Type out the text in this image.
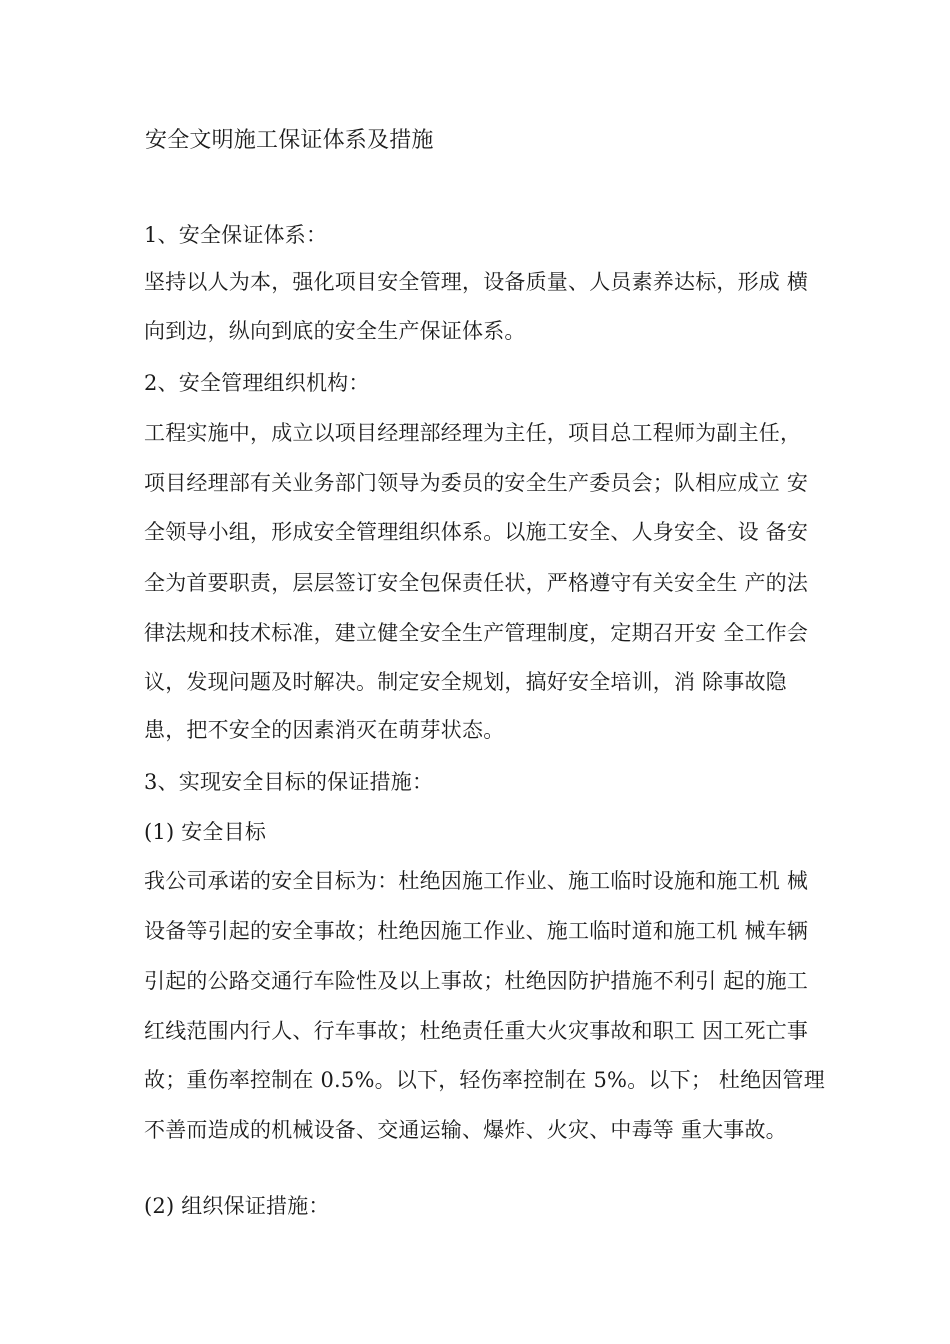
安全文明施工保证体系及措施
1、安全保证体系：
坚持以人为本，强化项目安全管理，设备质量、人员素养达标，形成 横
向到边，纵向到底的安全生产保证体系。
2、安全管理组织机构：
工程实施中，成立以项目经理部经理为主任，项目总工程师为副主任，
项目经理部有关业务部门领导为委员的安全生产委员会；队相应成立 安
全领导小组，形成安全管理组织体系。以施工安全、人身安全、设 备安
全为首要职责，层层签订安全包保责任状，严格遵守有关安全生 产的法
律法规和技术标准，建立健全安全生产管理制度，定期召开安 全工作会
议，发现问题及时解决。制定安全规划，搞好安全培训，消 除事故隐
患，把不安全的因素消灭在萌芽状态。
3、实现安全目标的保证措施：
(1) 安全目标
我公司承诺的安全目标为：杜绝因施工作业、施工临时设施和施工机 械
设备等引起的安全事故；杜绝因施工作业、施工临时道和施工机 械车辆
引起的公路交通行车险性及以上事故；杜绝因防护措施不利引 起的施工
红线范围内行人、行车事故；杜绝责任重大火灾事故和职工 因工死亡事
故；重伤率控制在 0.5%。以下，轻伤率控制在 5%。以下； 杜绝因管理
不善而造成的机械设备、交通运输、爆炸、火灾、中毒等 重大事故。
(2) 组织保证措施：
